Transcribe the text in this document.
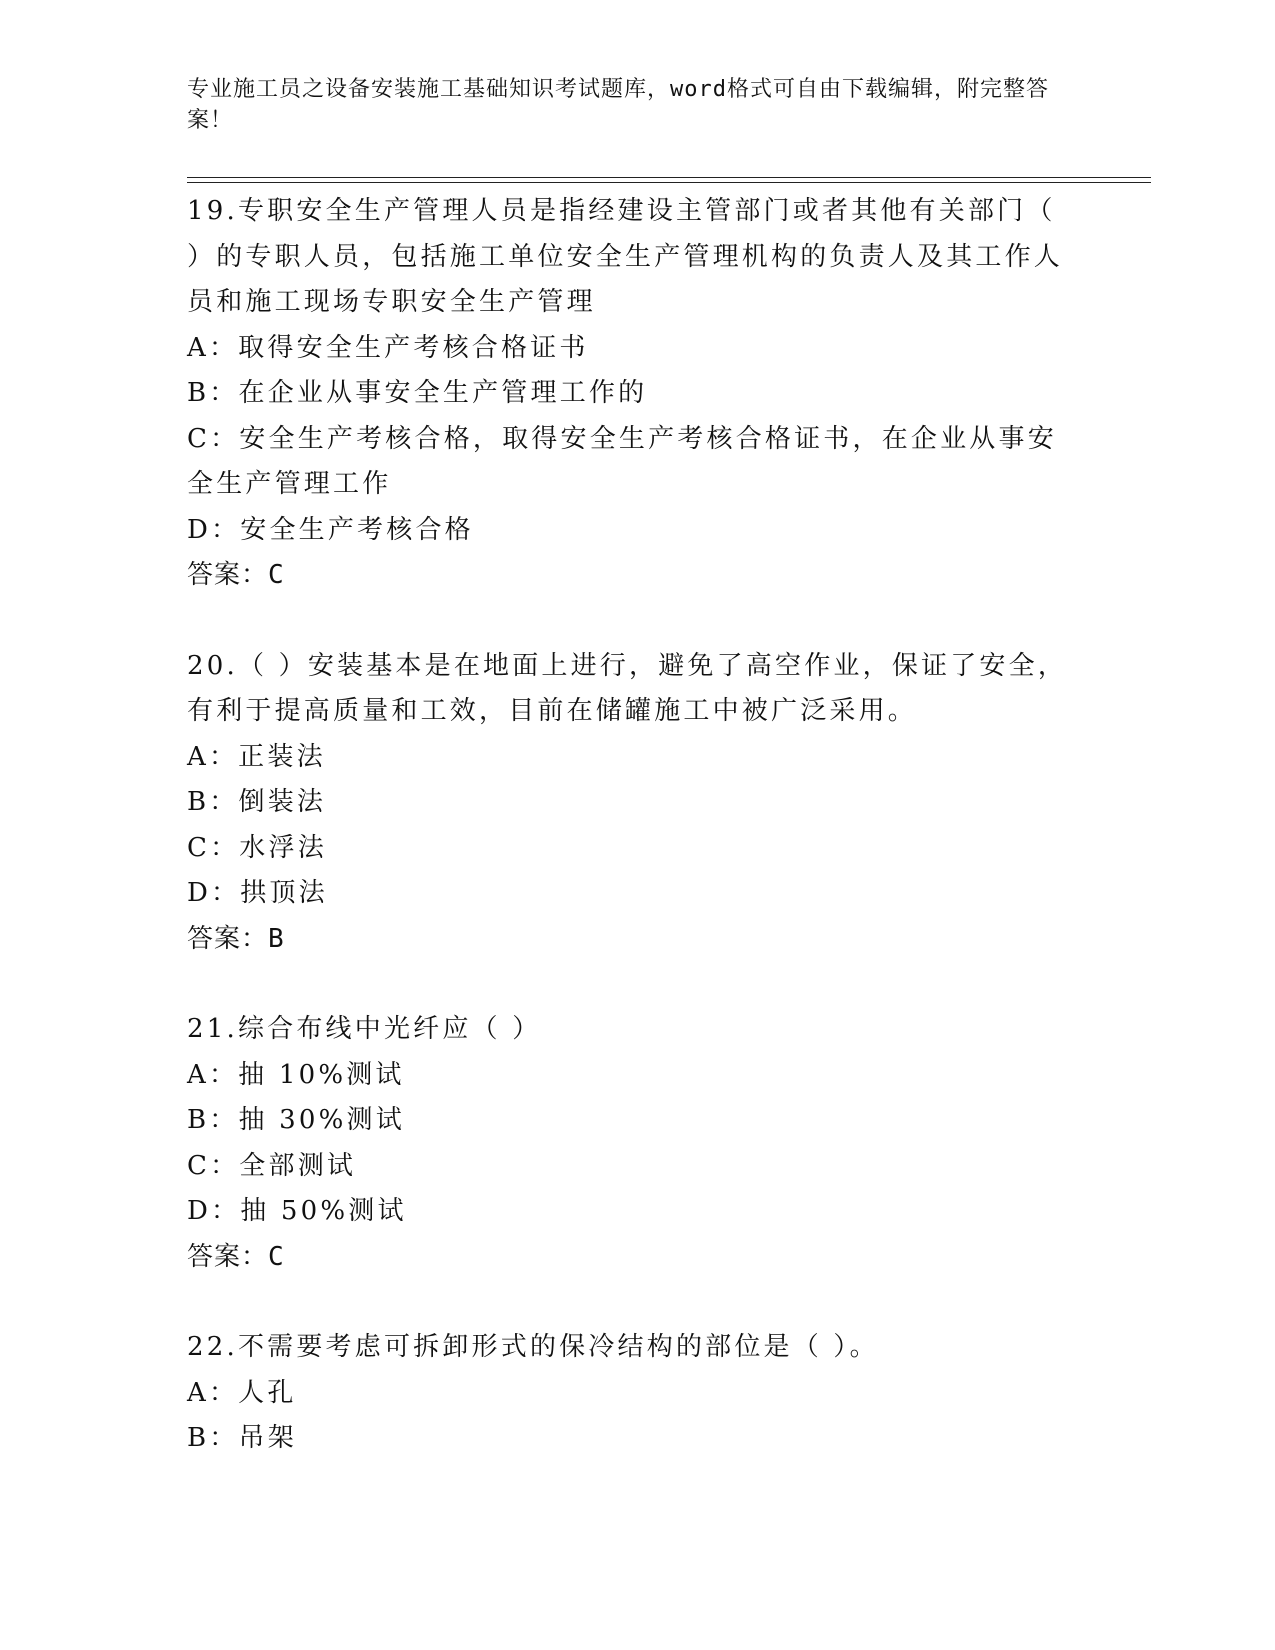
专业施工员之设备安装施工基础知识考试题库，word格式可自由下载编辑，附完整答案！

19.专职安全生产管理人员是指经建设主管部门或者其他有关部门（ ）的专职人员，包括施工单位安全生产管理机构的负责人及其工作人员和施工现场专职安全生产管理

A：取得安全生产考核合格证书

B：在企业从事安全生产管理工作的

C：安全生产考核合格，取得安全生产考核合格证书，在企业从事安全生产管理工作

D：安全生产考核合格

答案：C

20.（ ）安装基本是在地面上进行，避免了高空作业，保证了安全，有利于提高质量和工效，目前在储罐施工中被广泛采用。

A：正装法

B：倒装法

C：水浮法

D：拱顶法

答案：B

21.综合布线中光纤应（ ）

A：抽 10%测试

B：抽 30%测试

C：全部测试

D：抽 50%测试

答案：C

22.不需要考虑可拆卸形式的保冷结构的部位是（ ）。

A：人孔

B：吊架
